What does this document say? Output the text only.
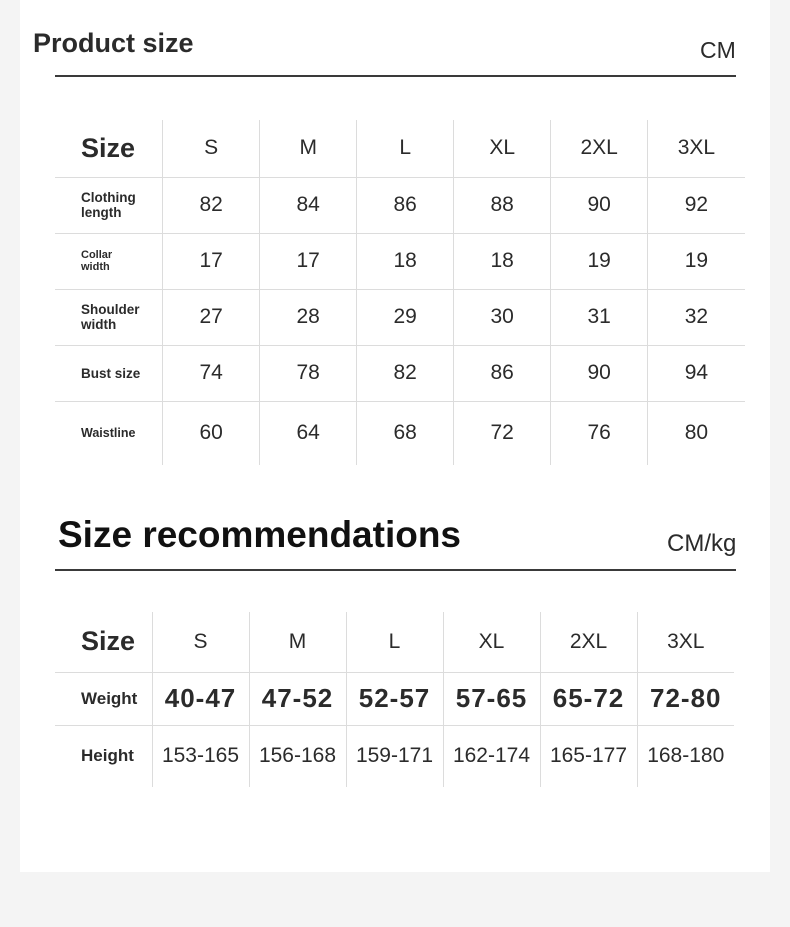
Product size	CM
Size	S	M	L	XL	2XL	3XL
Clothing length	82	84	86	88	90	92
Collar width	17	17	18	18	19	19
Shoulder width	27	28	29	30	31	32
Bust size	74	78	82	86	90	94
Waistline	60	64	68	72	76	80
Size recommendations	CM/kg
Size	S	M	L	XL	2XL	3XL
Weight	40-47	47-52	52-57	57-65	65-72	72-80
Height	153-165	156-168	159-171	162-174	165-177	168-180
